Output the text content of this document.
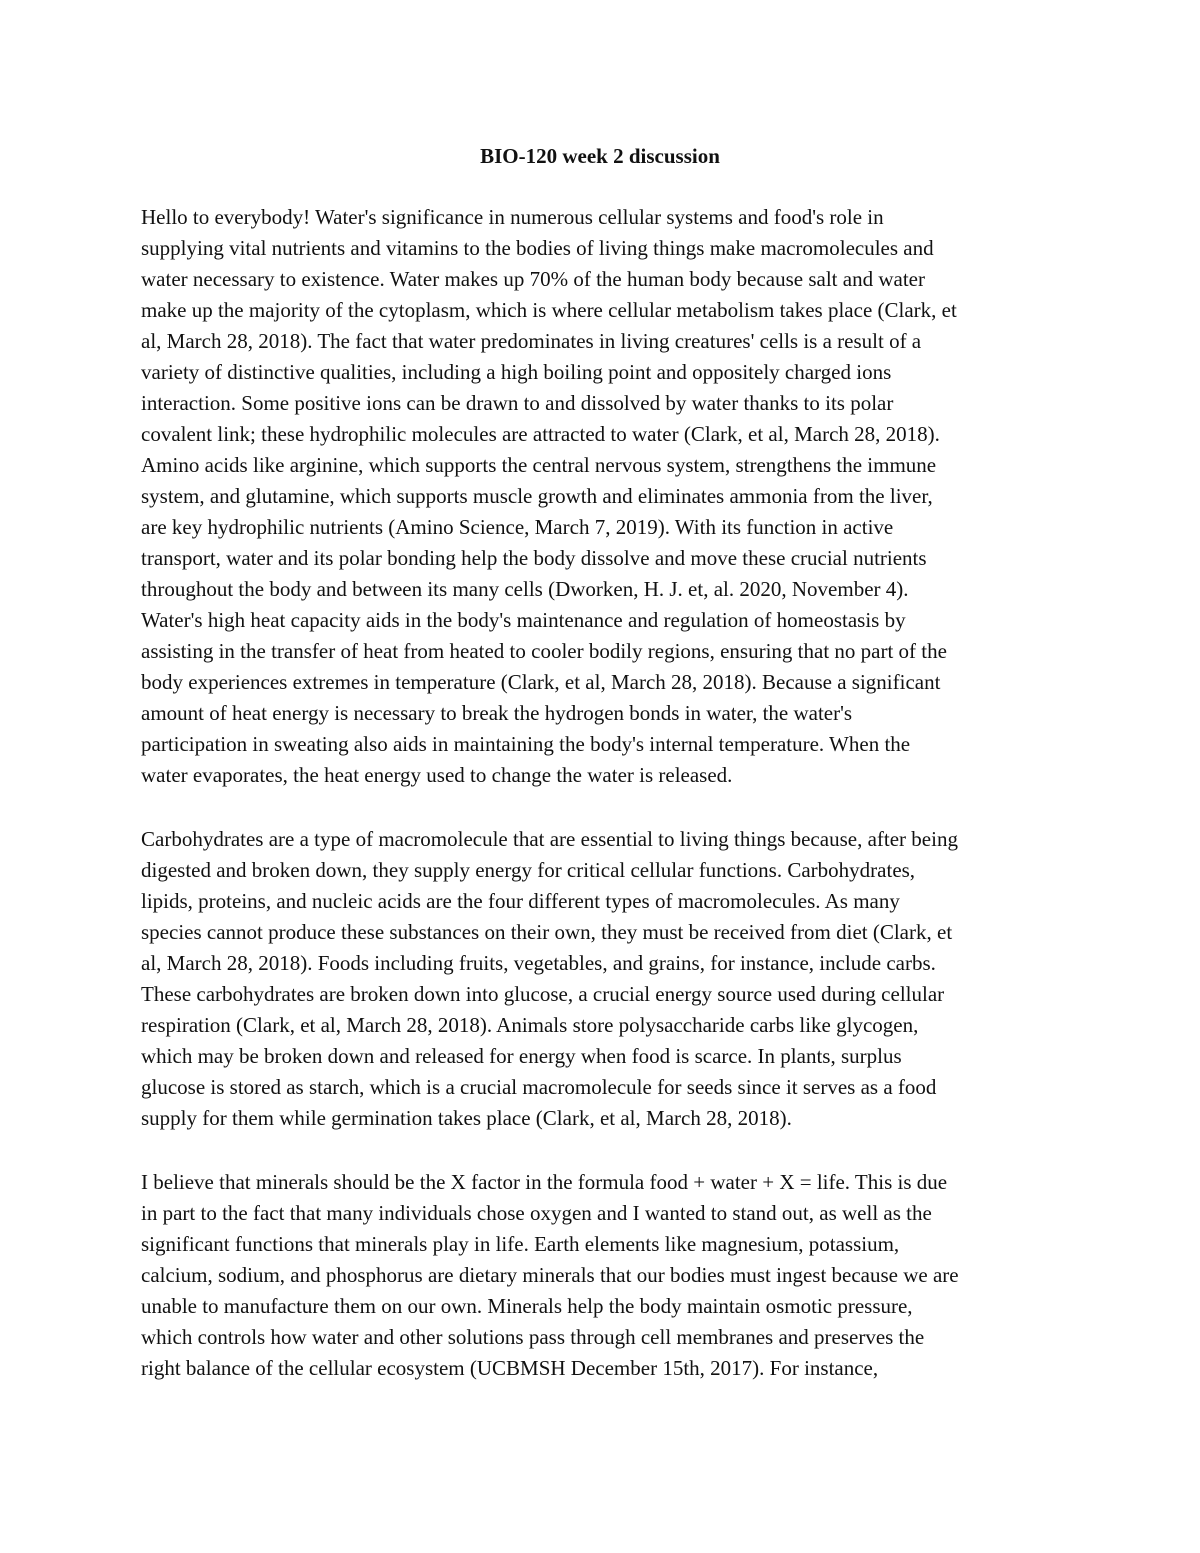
BIO-120 week 2 discussion
Hello to everybody! Water's significance in numerous cellular systems and food's role in
supplying vital nutrients and vitamins to the bodies of living things make macromolecules and
water necessary to existence. Water makes up 70% of the human body because salt and water
make up the majority of the cytoplasm, which is where cellular metabolism takes place (Clark, et
al, March 28, 2018). The fact that water predominates in living creatures' cells is a result of a
variety of distinctive qualities, including a high boiling point and oppositely charged ions
interaction. Some positive ions can be drawn to and dissolved by water thanks to its polar
covalent link; these hydrophilic molecules are attracted to water (Clark, et al, March 28, 2018).
Amino acids like arginine, which supports the central nervous system, strengthens the immune
system, and glutamine, which supports muscle growth and eliminates ammonia from the liver,
are key hydrophilic nutrients (Amino Science, March 7, 2019). With its function in active
transport, water and its polar bonding help the body dissolve and move these crucial nutrients
throughout the body and between its many cells (Dworken, H. J. et, al. 2020, November 4).
Water's high heat capacity aids in the body's maintenance and regulation of homeostasis by
assisting in the transfer of heat from heated to cooler bodily regions, ensuring that no part of the
body experiences extremes in temperature (Clark, et al, March 28, 2018). Because a significant
amount of heat energy is necessary to break the hydrogen bonds in water, the water's
participation in sweating also aids in maintaining the body's internal temperature. When the
water evaporates, the heat energy used to change the water is released.
Carbohydrates are a type of macromolecule that are essential to living things because, after being
digested and broken down, they supply energy for critical cellular functions. Carbohydrates,
lipids, proteins, and nucleic acids are the four different types of macromolecules. As many
species cannot produce these substances on their own, they must be received from diet (Clark, et
al, March 28, 2018). Foods including fruits, vegetables, and grains, for instance, include carbs.
These carbohydrates are broken down into glucose, a crucial energy source used during cellular
respiration (Clark, et al, March 28, 2018). Animals store polysaccharide carbs like glycogen,
which may be broken down and released for energy when food is scarce. In plants, surplus
glucose is stored as starch, which is a crucial macromolecule for seeds since it serves as a food
supply for them while germination takes place (Clark, et al, March 28, 2018).
I believe that minerals should be the X factor in the formula food + water + X = life. This is due
in part to the fact that many individuals chose oxygen and I wanted to stand out, as well as the
significant functions that minerals play in life. Earth elements like magnesium, potassium,
calcium, sodium, and phosphorus are dietary minerals that our bodies must ingest because we are
unable to manufacture them on our own. Minerals help the body maintain osmotic pressure,
which controls how water and other solutions pass through cell membranes and preserves the
right balance of the cellular ecosystem (UCBMSH December 15th, 2017). For instance,
